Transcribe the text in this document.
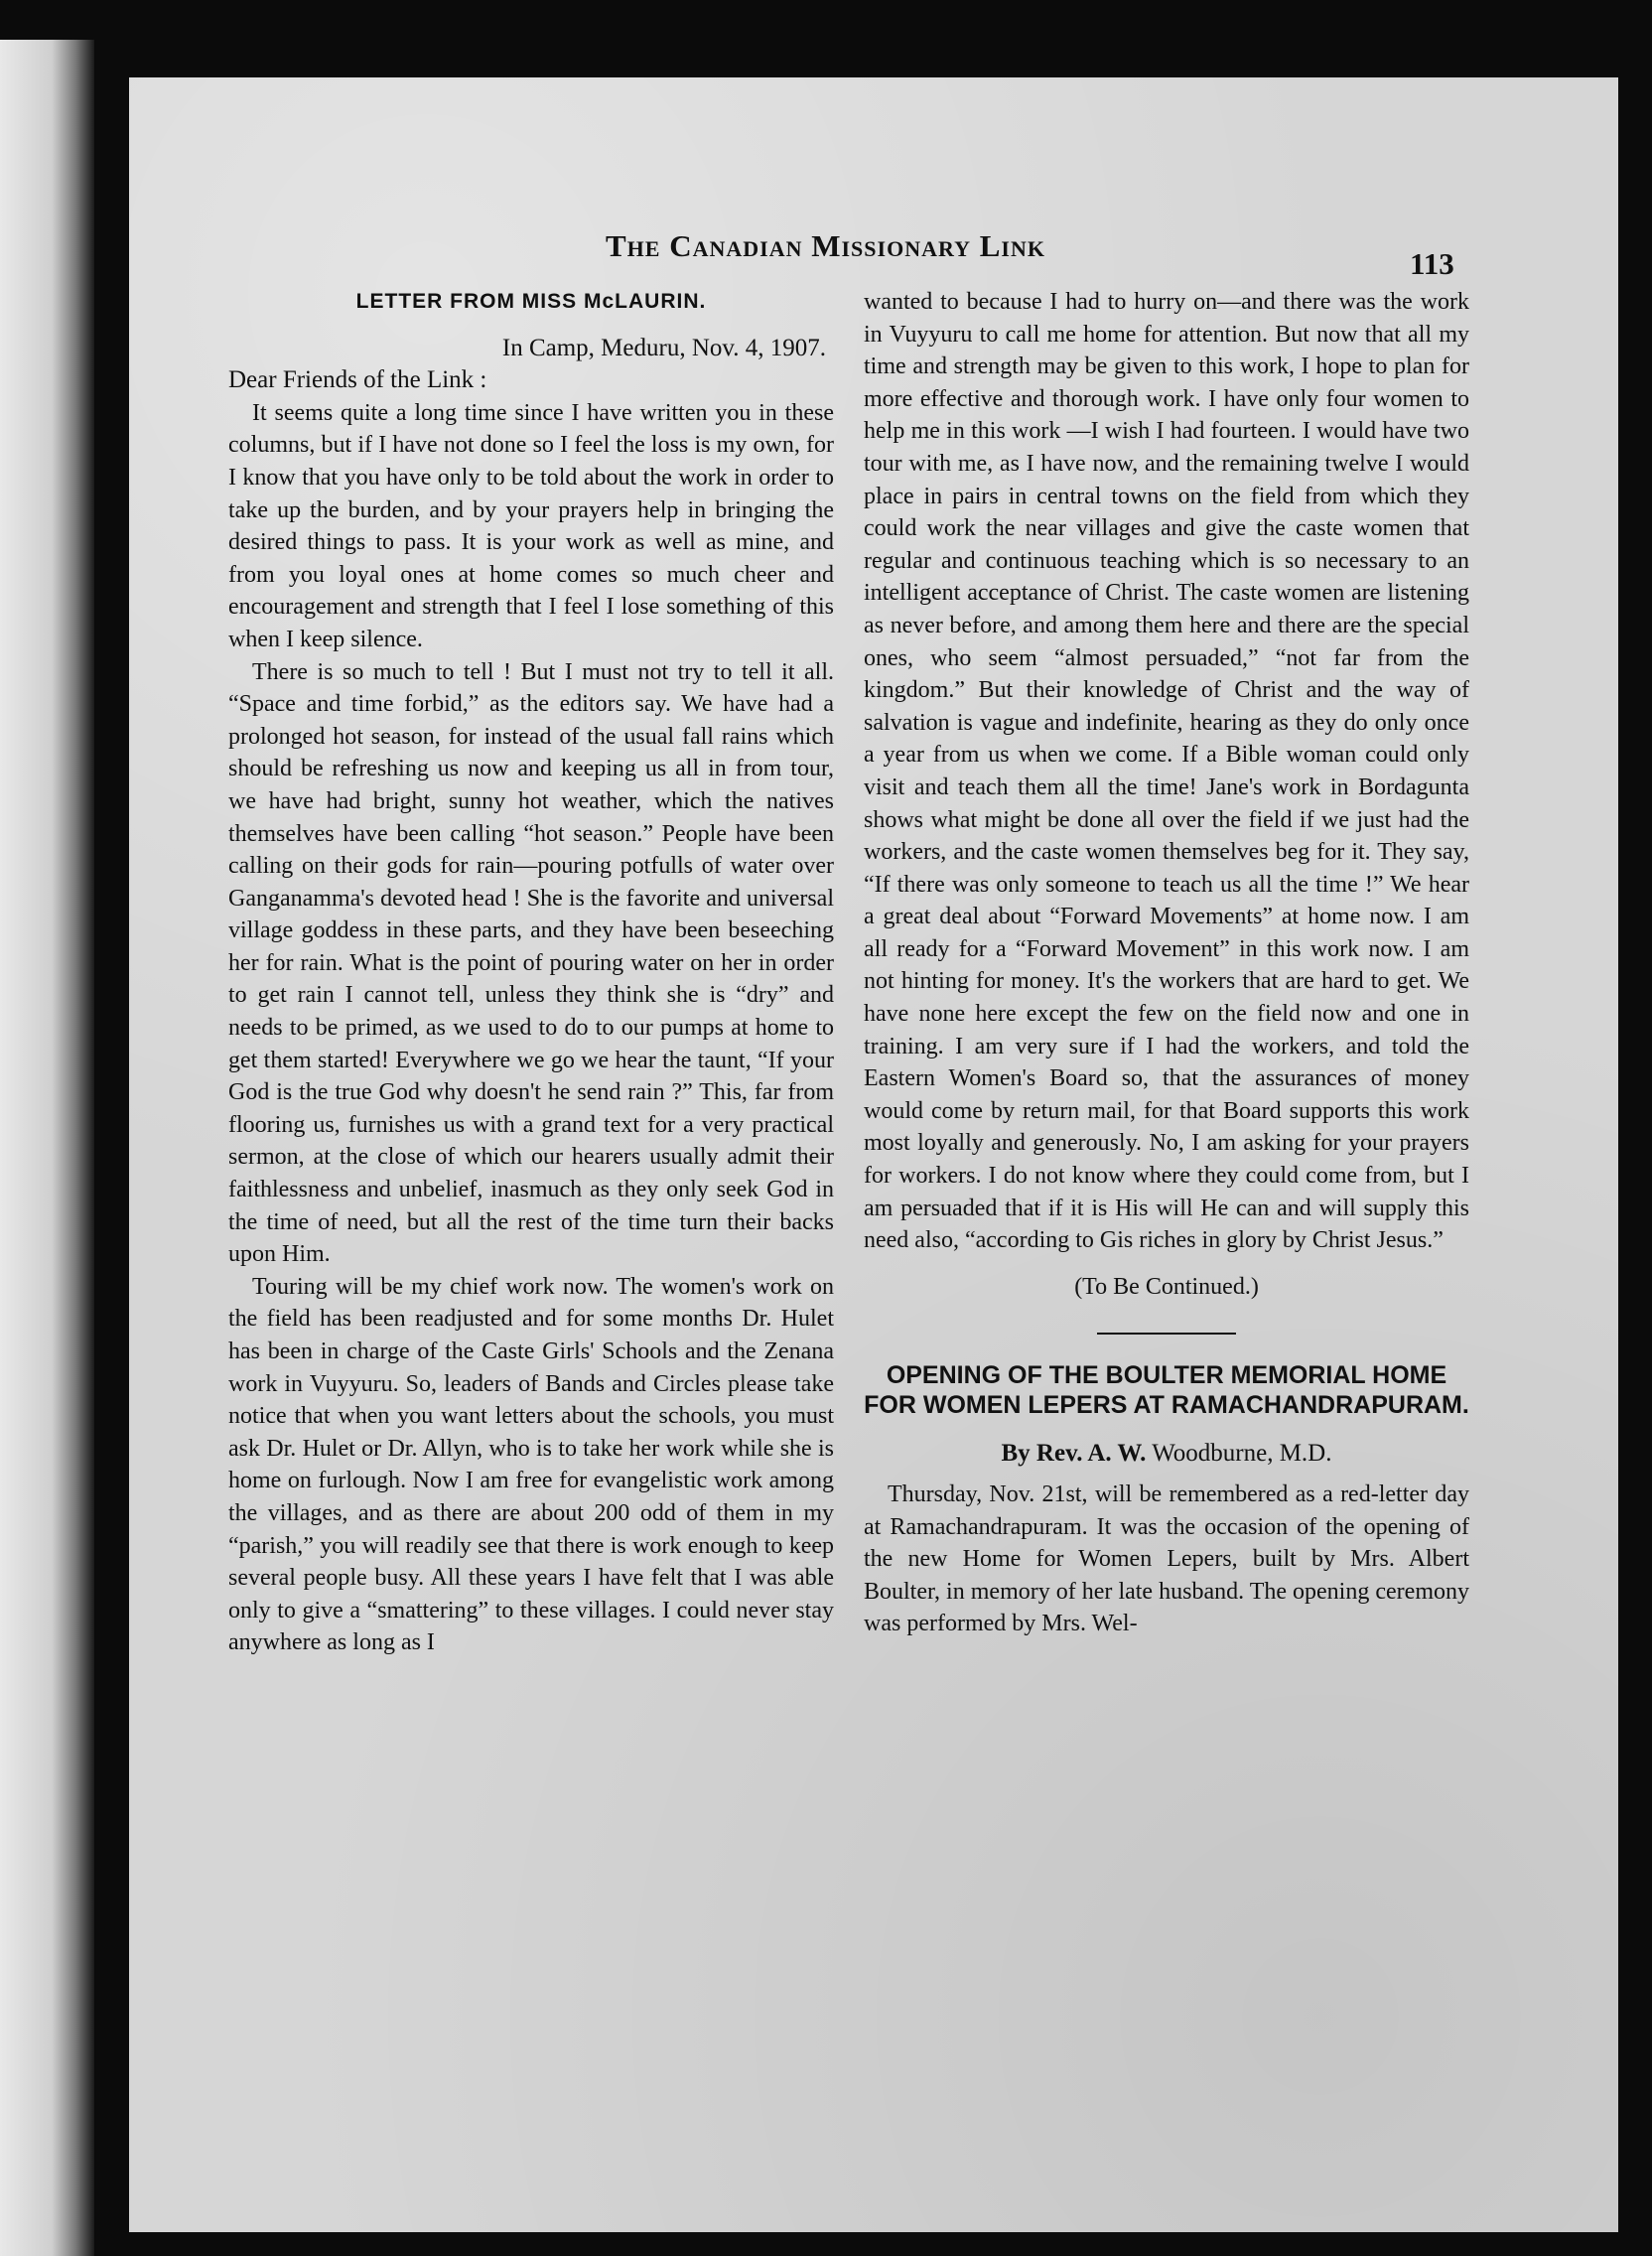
The Canadian Missionary Link
113
LETTER FROM MISS McLAURIN.
In Camp, Meduru, Nov. 4, 1907.
Dear Friends of the Link :

It seems quite a long time since I have written you in these columns, but if I have not done so I feel the loss is my own, for I know that you have only to be told about the work in order to take up the burden, and by your prayers help in bringing the desired things to pass. It is your work as well as mine, and from you loyal ones at home comes so much cheer and encouragement and strength that I feel I lose something of this when I keep silence.

There is so much to tell ! But I must not try to tell it all. “Space and time forbid,” as the editors say. We have had a prolonged hot season, for instead of the usual fall rains which should be refreshing us now and keeping us all in from tour, we have had bright, sunny hot weather, which the natives themselves have been calling “hot season.” People have been calling on their gods for rain—pouring potfulls of water over Ganganamma's devoted head ! She is the favorite and universal village goddess in these parts, and they have been beseeching her for rain. What is the point of pouring water on her in order to get rain I cannot tell, unless they think she is “dry” and needs to be primed, as we used to do to our pumps at home to get them started! Everywhere we go we hear the taunt, “If your God is the true God why doesn't he send rain ?” This, far from flooring us, furnishes us with a grand text for a very practical sermon, at the close of which our hearers usually admit their faithlessness and unbelief, inasmuch as they only seek God in the time of need, but all the rest of the time turn their backs upon Him.

Touring will be my chief work now. The women's work on the field has been readjusted and for some months Dr. Hulet has been in charge of the Caste Girls' Schools and the Zenana work in Vuyyuru. So, leaders of Bands and Circles please take notice that when you want letters about the schools, you must ask Dr. Hulet or Dr. Allyn, who is to take her work while she is home on furlough. Now I am free for evangelistic work among the villages, and as there are about 200 odd of them in my “parish,” you will readily see that there is work enough to keep several people busy. All these years I have felt that I was able only to give a “smattering” to these villages. I could never stay anywhere as long as I

wanted to because I had to hurry on—and there was the work in Vuyyuru to call me home for attention. But now that all my time and strength may be given to this work, I hope to plan for more effective and thorough work. I have only four women to help me in this work —I wish I had fourteen. I would have two tour with me, as I have now, and the remaining twelve I would place in pairs in central towns on the field from which they could work the near villages and give the caste women that regular and continuous teaching which is so necessary to an intelligent acceptance of Christ. The caste women are listening as never before, and among them here and there are the special ones, who seem “almost persuaded,” “not far from the kingdom.” But their knowledge of Christ and the way of salvation is vague and indefinite, hearing as they do only once a year from us when we come. If a Bible woman could only visit and teach them all the time! Jane's work in Bordagunta shows what might be done all over the field if we just had the workers, and the caste women themselves beg for it. They say, “If there was only someone to teach us all the time !” We hear a great deal about “Forward Movements” at home now. I am all ready for a “Forward Movement” in this work now. I am not hinting for money. It's the workers that are hard to get. We have none here except the few on the field now and one in training. I am very sure if I had the workers, and told the Eastern Women's Board so, that the assurances of money would come by return mail, for that Board supports this work most loyally and generously. No, I am asking for your prayers for workers. I do not know where they could come from, but I am persuaded that if it is His will He can and will supply this need also, “according to Gis riches in glory by Christ Jesus.”

(To Be Continued.)
OPENING OF THE BOULTER MEMORIAL HOME FOR WOMEN LEPERS AT RAMACHANDRAPURAM.
By Rev. A. W. Woodburne, M.D.

Thursday, Nov. 21st, will be remembered as a red-letter day at Ramachandrapuram. It was the occasion of the opening of the new Home for Women Lepers, built by Mrs. Albert Boulter, in memory of her late husband. The opening ceremony was performed by Mrs. Wel-
